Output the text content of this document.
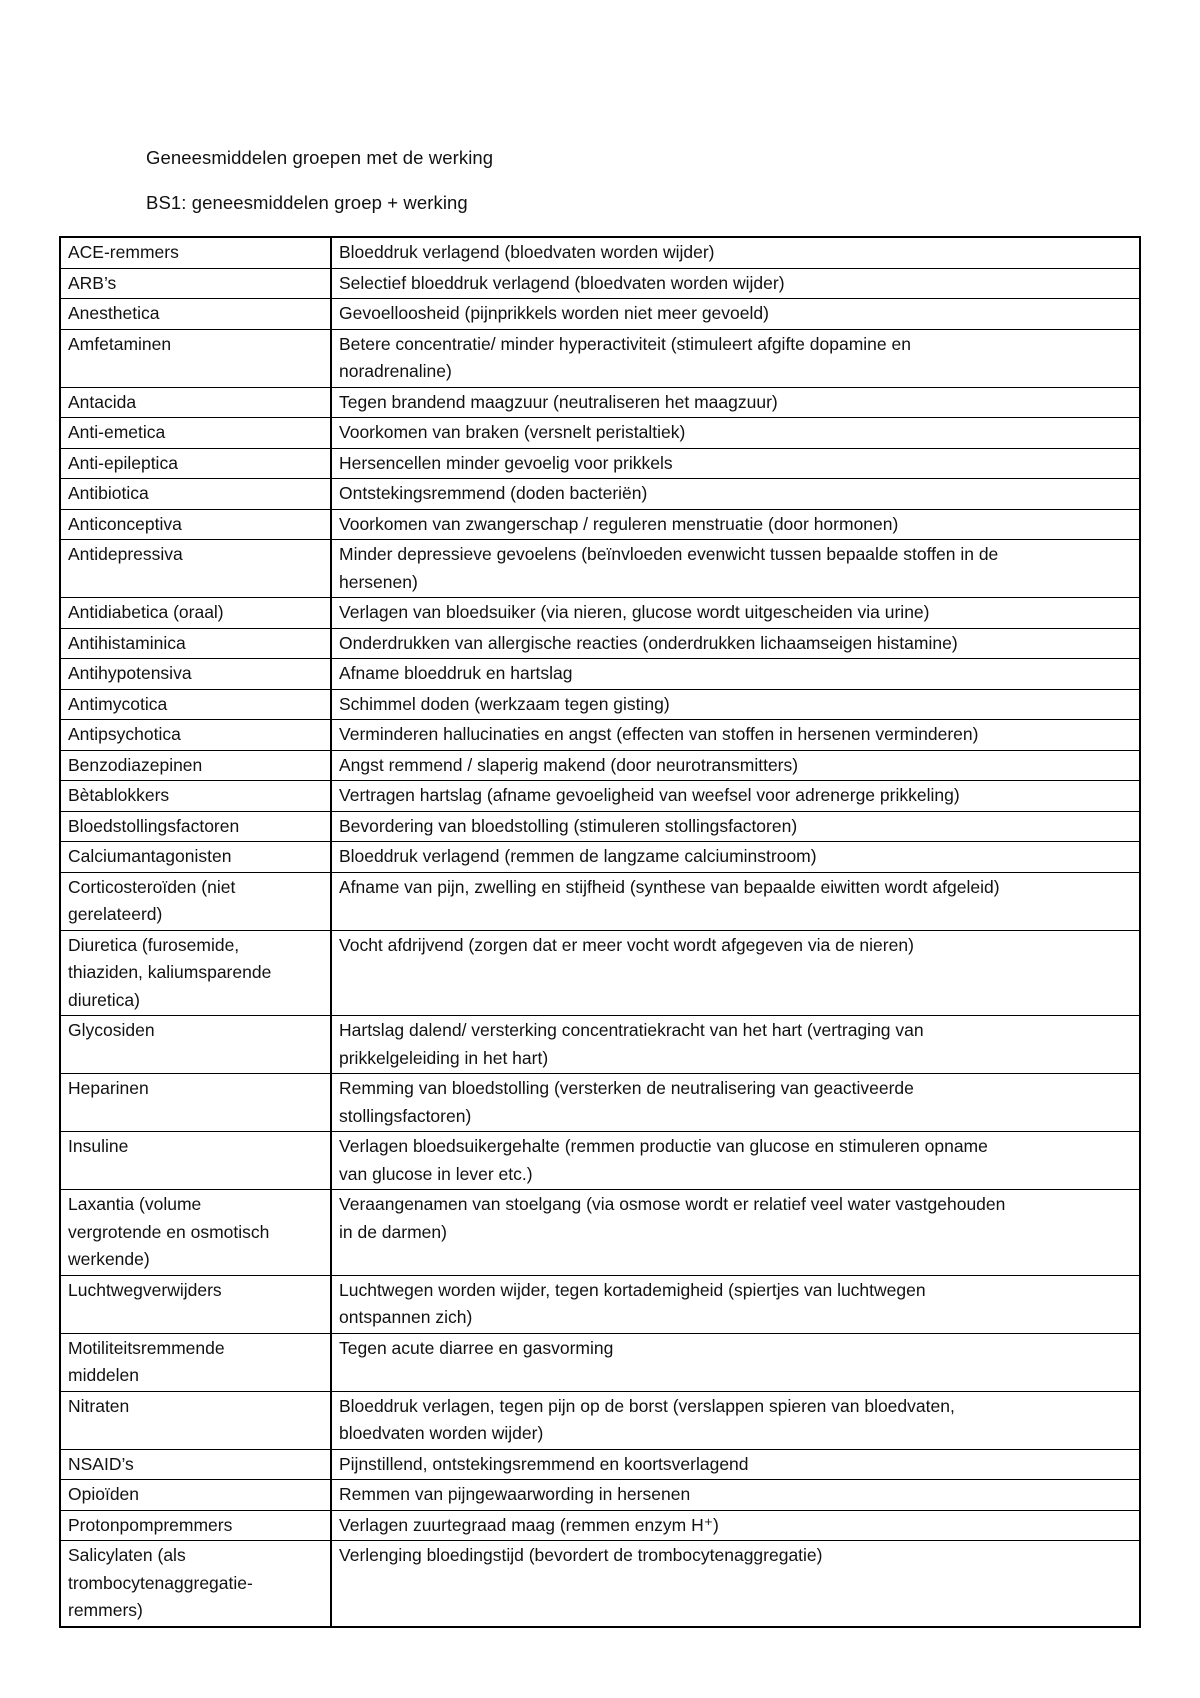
Geneesmiddelen groepen met de werking
BS1: geneesmiddelen groep + werking
ACE-remmers	Bloeddruk verlagend (bloedvaten worden wijder)
ARB’s	Selectief bloeddruk verlagend (bloedvaten worden wijder)
Anesthetica	Gevoelloosheid (pijnprikkels worden niet meer gevoeld)
Amfetaminen	Betere concentratie/ minder hyperactiviteit (stimuleert afgifte dopamine en
noradrenaline)
Antacida	Tegen brandend maagzuur (neutraliseren het maagzuur)
Anti-emetica	Voorkomen van braken (versnelt peristaltiek)
Anti-epileptica	Hersencellen minder gevoelig voor prikkels
Antibiotica	Ontstekingsremmend (doden bacteriën)
Anticonceptiva	Voorkomen van zwangerschap / reguleren menstruatie (door hormonen)
Antidepressiva	Minder depressieve gevoelens (beïnvloeden evenwicht tussen bepaalde stoffen in de
hersenen)
Antidiabetica (oraal)	Verlagen van bloedsuiker (via nieren, glucose wordt uitgescheiden via urine)
Antihistaminica	Onderdrukken van allergische reacties (onderdrukken lichaamseigen histamine)
Antihypotensiva	Afname bloeddruk en hartslag
Antimycotica	Schimmel doden (werkzaam tegen gisting)
Antipsychotica	Verminderen hallucinaties en angst (effecten van stoffen in hersenen verminderen)
Benzodiazepinen	Angst remmend / slaperig makend (door neurotransmitters)
Bètablokkers	Vertragen hartslag (afname gevoeligheid van weefsel voor adrenerge prikkeling)
Bloedstollingsfactoren	Bevordering van bloedstolling (stimuleren stollingsfactoren)
Calciumantagonisten	Bloeddruk verlagend (remmen de langzame calciuminstroom)
Corticosteroïden (niet
gerelateerd)	Afname van pijn, zwelling en stijfheid (synthese van bepaalde eiwitten wordt afgeleid)
Diuretica (furosemide,
thiaziden, kaliumsparende
diuretica)	Vocht afdrijvend (zorgen dat er meer vocht wordt afgegeven via de nieren)
Glycosiden	Hartslag dalend/ versterking concentratiekracht van het hart (vertraging van
prikkelgeleiding in het hart)
Heparinen	Remming van bloedstolling (versterken de neutralisering van geactiveerde
stollingsfactoren)
Insuline	Verlagen bloedsuikergehalte (remmen productie van glucose en stimuleren opname
van glucose in lever etc.)
Laxantia (volume
vergrotende en osmotisch
werkende)	Veraangenamen van stoelgang (via osmose wordt er relatief veel water vastgehouden
in de darmen)
Luchtwegverwijders	Luchtwegen worden wijder, tegen kortademigheid (spiertjes van luchtwegen
ontspannen zich)
Motiliteitsremmende
middelen	Tegen acute diarree en gasvorming
Nitraten	Bloeddruk verlagen, tegen pijn op de borst (verslappen spieren van bloedvaten,
bloedvaten worden wijder)
NSAID’s	Pijnstillend, ontstekingsremmend en koortsverlagend
Opioïden	Remmen van pijngewaarwording in hersenen
Protonpompremmers	Verlagen zuurtegraad maag (remmen enzym H⁺)
Salicylaten (als
trombocytenaggregatie-
remmers)	Verlenging bloedingstijd (bevordert de trombocytenaggregatie)
